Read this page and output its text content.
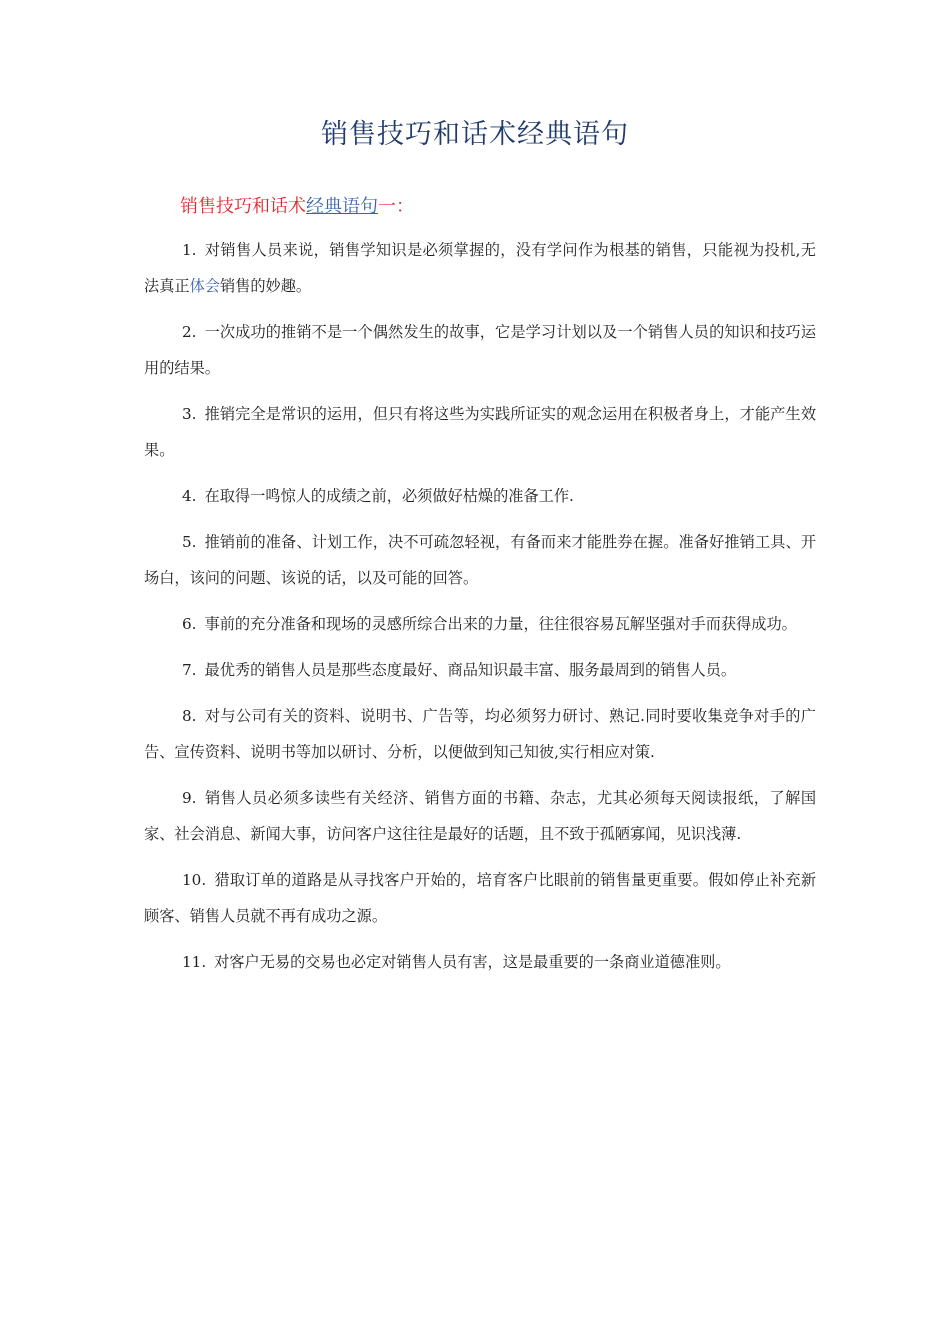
销售技巧和话术经典语句
销售技巧和话术经典语句一：

1. 对销售人员来说，销售学知识是必须掌握的，没有学问作为根基的销售，只能视为投机,无法真正体会销售的妙趣。

2. 一次成功的推销不是一个偶然发生的故事，它是学习计划以及一个销售人员的知识和技巧运用的结果。

3. 推销完全是常识的运用，但只有将这些为实践所证实的观念运用在积极者身上，才能产生效果。

4. 在取得一鸣惊人的成绩之前，必须做好枯燥的准备工作.

5. 推销前的准备、计划工作，决不可疏忽轻视，有备而来才能胜券在握。准备好推销工具、开场白，该问的问题、该说的话，以及可能的回答。

6. 事前的充分准备和现场的灵感所综合出来的力量，往往很容易瓦解坚强对手而获得成功。

7. 最优秀的销售人员是那些态度最好、商品知识最丰富、服务最周到的销售人员。

8. 对与公司有关的资料、说明书、广告等，均必须努力研讨、熟记.同时要收集竞争对手的广告、宣传资料、说明书等加以研讨、分析，以便做到知己知彼,实行相应对策.

9. 销售人员必须多读些有关经济、销售方面的书籍、杂志，尤其必须每天阅读报纸，了解国家、社会消息、新闻大事，访问客户这往往是最好的话题，且不致于孤陋寡闻，见识浅薄.

10. 猎取订单的道路是从寻找客户开始的，培育客户比眼前的销售量更重要。假如停止补充新顾客、销售人员就不再有成功之源。

11. 对客户无易的交易也必定对销售人员有害，这是最重要的一条商业道德准则。
